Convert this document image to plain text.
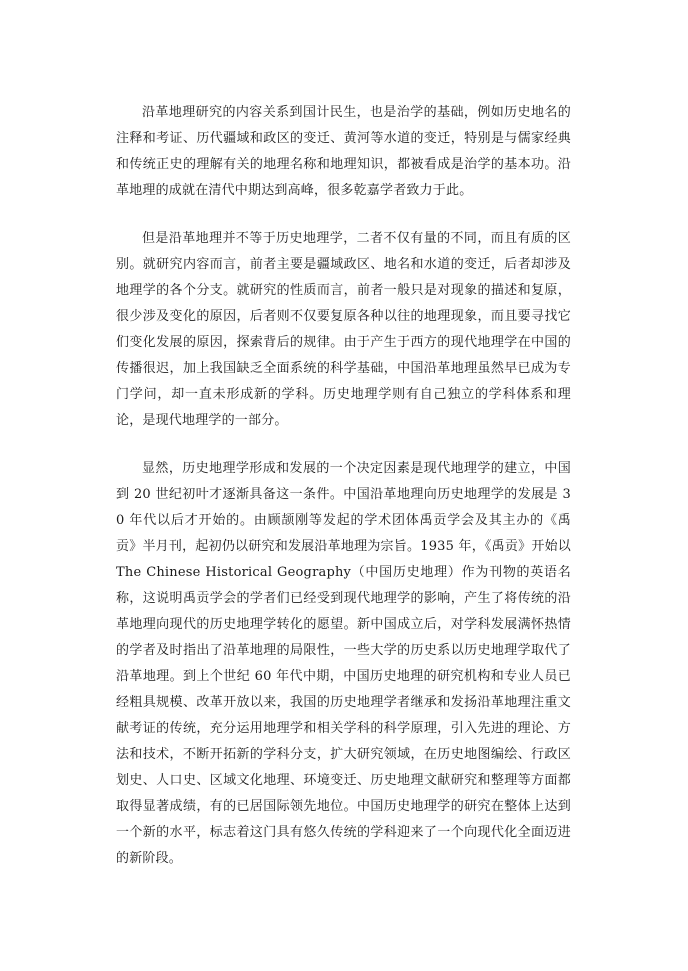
沿革地理研究的内容关系到国计民生，也是治学的基础，例如历史地名的注释和考证、历代疆域和政区的变迁、黄河等水道的变迁，特别是与儒家经典和传统正史的理解有关的地理名称和地理知识，都被看成是治学的基本功。沿革地理的成就在清代中期达到高峰，很多乾嘉学者致力于此。

但是沿革地理并不等于历史地理学，二者不仅有量的不同，而且有质的区别。就研究内容而言，前者主要是疆域政区、地名和水道的变迁，后者却涉及地理学的各个分支。就研究的性质而言，前者一般只是对现象的描述和复原，很少涉及变化的原因，后者则不仅要复原各种以往的地理现象，而且要寻找它们变化发展的原因，探索背后的规律。由于产生于西方的现代地理学在中国的传播很迟，加上我国缺乏全面系统的科学基础，中国沿革地理虽然早已成为专门学问，却一直未形成新的学科。历史地理学则有自己独立的学科体系和理论，是现代地理学的一部分。

显然，历史地理学形成和发展的一个决定因素是现代地理学的建立，中国到 20 世纪初叶才逐渐具备这一条件。中国沿革地理向历史地理学的发展是 30 年代以后才开始的。由顾颉刚等发起的学术团体禹贡学会及其主办的《禹贡》半月刊，起初仍以研究和发展沿革地理为宗旨。1935 年，《禹贡》开始以 The Chinese Historical Geography（中国历史地理）作为刊物的英语名称，这说明禹贡学会的学者们已经受到现代地理学的影响，产生了将传统的沿革地理向现代的历史地理学转化的愿望。新中国成立后，对学科发展满怀热情的学者及时指出了沿革地理的局限性，一些大学的历史系以历史地理学取代了沿革地理。到上个世纪 60 年代中期，中国历史地理的研究机构和专业人员已经粗具规模、改革开放以来，我国的历史地理学者继承和发扬沿革地理注重文献考证的传统，充分运用地理学和相关学科的科学原理，引入先进的理论、方法和技术，不断开拓新的学科分支，扩大研究领域，在历史地图编绘、行政区划史、人口史、区域文化地理、环境变迁、历史地理文献研究和整理等方面都取得显著成绩，有的已居国际领先地位。中国历史地理学的研究在整体上达到一个新的水平，标志着这门具有悠久传统的学科迎来了一个向现代化全面迈进的新阶段。
